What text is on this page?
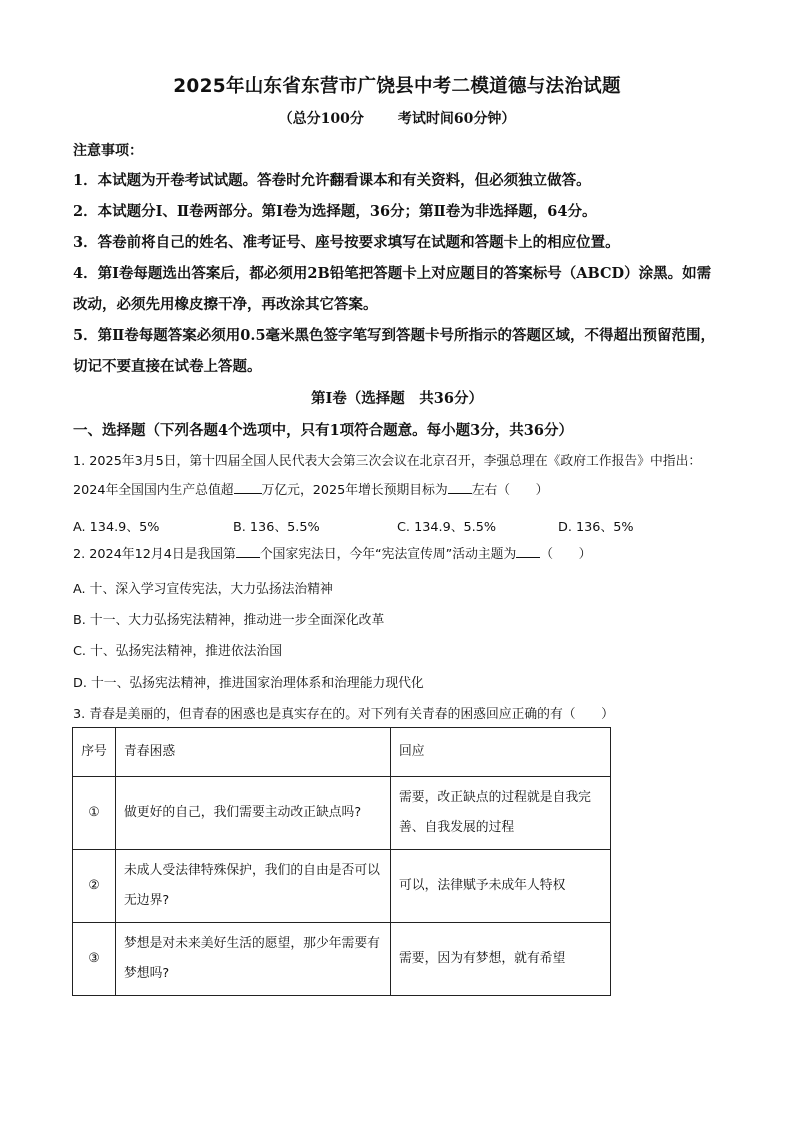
2025年山东省东营市广饶县中考二模道德与法治试题
（总分100分 考试时间60分钟）
注意事项：
1．本试题为开卷考试试题。答卷时允许翻看课本和有关资料，但必须独立做答。
2．本试题分Ⅰ、Ⅱ卷两部分。第Ⅰ卷为选择题，36分；第Ⅱ卷为非选择题，64分。
3．答卷前将自己的姓名、准考证号、座号按要求填写在试题和答题卡上的相应位置。
4．第Ⅰ卷每题选出答案后，都必须用2B铅笔把答题卡上对应题目的答案标号（ABCD）涂黑。如需改动，必须先用橡皮擦干净，再改涂其它答案。
5．第Ⅱ卷每题答案必须用0.5毫米黑色签字笔写到答题卡号所指示的答题区域，不得超出预留范围，切记不要直接在试卷上答题。
第Ⅰ卷（选择题　共36分）
一、选择题（下列各题4个选项中，只有1项符合题意。每小题3分，共36分）
1. 2025年3月5日，第十四届全国人民代表大会第三次会议在北京召开，李强总理在《政府工作报告》中指出：2024年全国国内生产总值超 万亿元，2025年增长预期目标为 左右（　　）
A. 134.9、5%	B. 136、5.5%	C. 134.9、5.5%	D. 136、5%
2. 2024年12月4日是我国第 个国家宪法日，今年“宪法宣传周”活动主题为 （　　）
A. 十、深入学习宣传宪法，大力弘扬法治精神
B. 十一、大力弘扬宪法精神，推动进一步全面深化改革
C. 十、弘扬宪法精神，推进依法治国
D. 十一、弘扬宪法精神，推进国家治理体系和治理能力现代化
3. 青春是美丽的，但青春的困惑也是真实存在的。对下列有关青春的困惑回应正确的有（　　）
序号	青春困惑	回应
①	做更好的自己，我们需要主动改正缺点吗?	需要，改正缺点的过程就是自我完善、自我发展的过程
②	未成人受法律特殊保护，我们的自由是否可以无边界?	可以，法律赋予未成年人特权
③	梦想是对未来美好生活的愿望，那少年需要有梦想吗?	需要，因为有梦想，就有希望
